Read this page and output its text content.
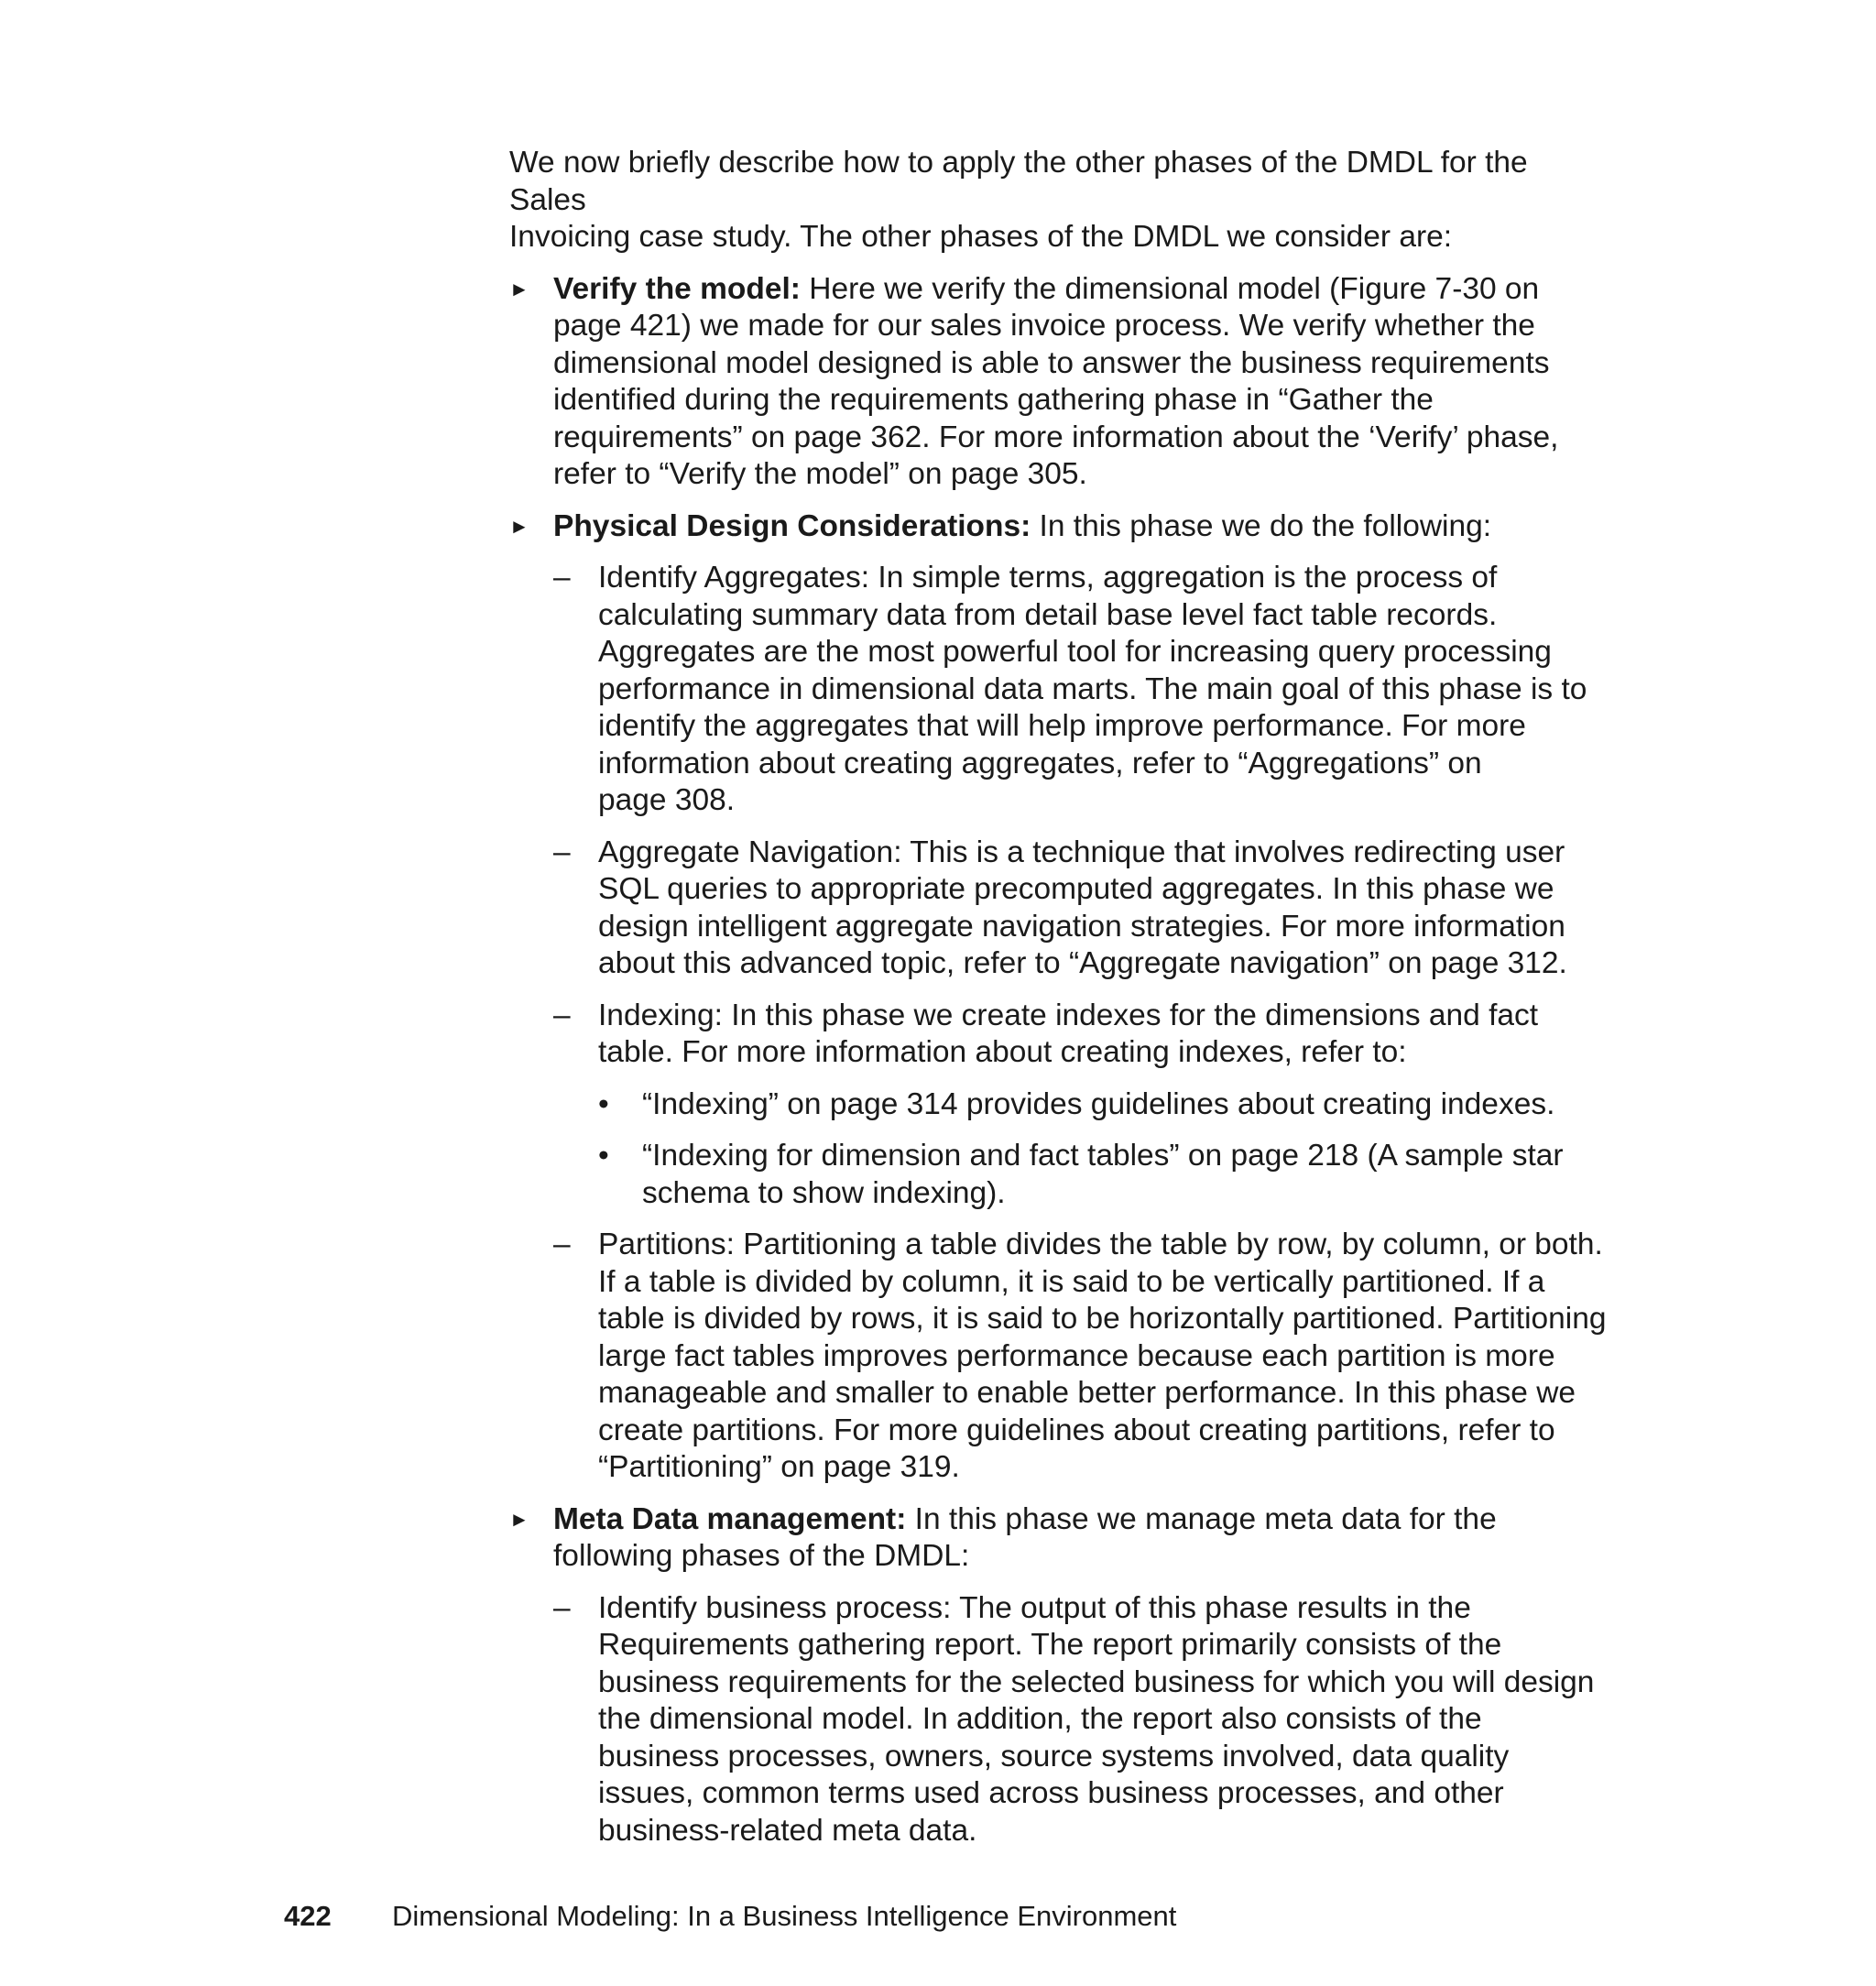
We now briefly describe how to apply the other phases of the DMDL for the Sales
Invoicing case study. The other phases of the DMDL we consider are:

► Verify the model: Here we verify the dimensional model (Figure 7-30 on
page 421) we made for our sales invoice process. We verify whether the
dimensional model designed is able to answer the business requirements
identified during the requirements gathering phase in “Gather the
requirements” on page 362. For more information about the ‘Verify’ phase,
refer to “Verify the model” on page 305.
► Physical Design Considerations: In this phase we do the following:
– Identify Aggregates: In simple terms, aggregation is the process of
calculating summary data from detail base level fact table records.
Aggregates are the most powerful tool for increasing query processing
performance in dimensional data marts. The main goal of this phase is to
identify the aggregates that will help improve performance. For more
information about creating aggregates, refer to “Aggregations” on
page 308.
– Aggregate Navigation: This is a technique that involves redirecting user
SQL queries to appropriate precomputed aggregates. In this phase we
design intelligent aggregate navigation strategies. For more information
about this advanced topic, refer to “Aggregate navigation” on page 312.
– Indexing: In this phase we create indexes for the dimensions and fact
table. For more information about creating indexes, refer to:
• “Indexing” on page 314 provides guidelines about creating indexes.
• “Indexing for dimension and fact tables” on page 218 (A sample star
schema to show indexing).
– Partitions: Partitioning a table divides the table by row, by column, or both.
If a table is divided by column, it is said to be vertically partitioned. If a
table is divided by rows, it is said to be horizontally partitioned. Partitioning
large fact tables improves performance because each partition is more
manageable and smaller to enable better performance. In this phase we
create partitions. For more guidelines about creating partitions, refer to
“Partitioning” on page 319.
► Meta Data management: In this phase we manage meta data for the
following phases of the DMDL:
– Identify business process: The output of this phase results in the
Requirements gathering report. The report primarily consists of the
business requirements for the selected business for which you will design
the dimensional model. In addition, the report also consists of the
business processes, owners, source systems involved, data quality
issues, common terms used across business processes, and other
business-related meta data.
422 Dimensional Modeling: In a Business Intelligence Environment
